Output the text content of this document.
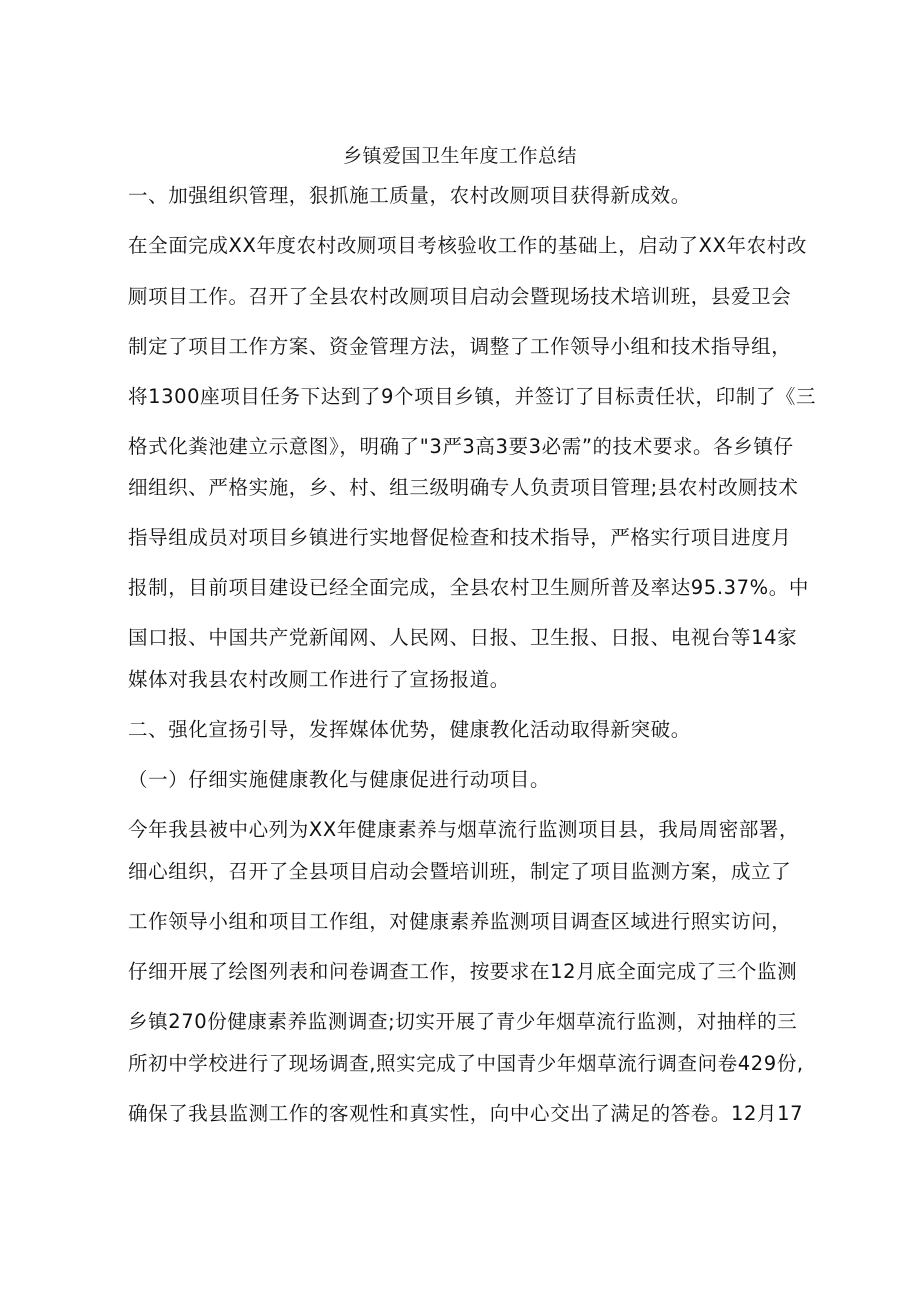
乡镇爱国卫生年度工作总结
一、加强组织管理，狠抓施工质量，农村改厕项目获得新成效。
在全面完成XX年度农村改厕项目考核验收工作的基础上，启动了XX年农村改
厕项目工作。召开了全县农村改厕项目启动会暨现场技术培训班，县爱卫会
制定了项目工作方案、资金管理方法，调整了工作领导小组和技术指导组，
将1300座项目任务下达到了9个项目乡镇，并签订了目标责任状，印制了《三
格式化粪池建立示意图》，明确了"3严3高3要3必需”的技术要求。各乡镇仔
细组织、严格实施，乡、村、组三级明确专人负责项目管理;县农村改厕技术
指导组成员对项目乡镇进行实地督促检查和技术指导，严格实行项目进度月
报制，目前项目建设已经全面完成，全县农村卫生厕所普及率达95.37%。中
国口报、中国共产党新闻网、人民网、日报、卫生报、日报、电视台等14家
媒体对我县农村改厕工作进行了宣扬报道。
二、强化宣扬引导，发挥媒体优势，健康教化活动取得新突破。
（一）仔细实施健康教化与健康促进行动项目。
今年我县被中心列为XX年健康素养与烟草流行监测项目县，我局周密部署，
细心组织，召开了全县项目启动会暨培训班，制定了项目监测方案，成立了
工作领导小组和项目工作组，对健康素养监测项目调查区域进行照实访问，
仔细开展了绘图列表和问卷调查工作，按要求在12月底全面完成了三个监测
乡镇270份健康素养监测调查;切实开展了青少年烟草流行监测，对抽样的三
所初中学校进行了现场调查,照实完成了中国青少年烟草流行调查问卷429份,
确保了我县监测工作的客观性和真实性，向中心交出了满足的答卷。12月17
